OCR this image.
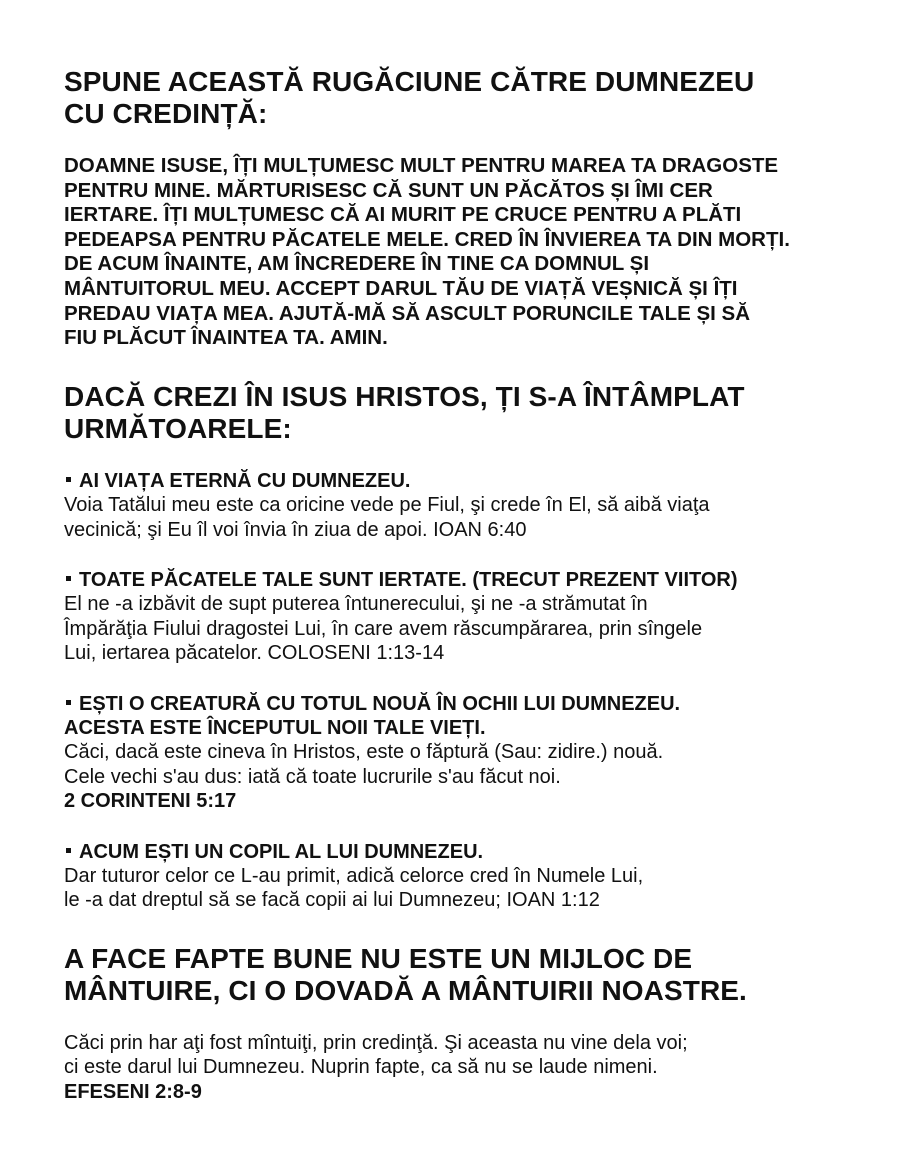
SPUNE ACEASTĂ RUGĂCIUNE CĂTRE DUMNEZEU
CU CREDINȚĂ:

DOAMNE ISUSE, ÎȚI MULȚUMESC MULT PENTRU MAREA TA DRAGOSTE
PENTRU MINE. MĂRTURISESC CĂ SUNT UN PĂCĂTOS ȘI ÎMI CER
IERTARE. ÎȚI MULȚUMESC CĂ AI MURIT PE CRUCE PENTRU A PLĂTI
PEDEAPSA PENTRU PĂCATELE MELE. CRED ÎN ÎNVIEREA TA DIN MORȚI.
DE ACUM ÎNAINTE, AM ÎNCREDERE ÎN TINE CA DOMNUL ȘI
MÂNTUITORUL MEU. ACCEPT DARUL TĂU DE VIAȚĂ VEȘNICĂ ȘI ÎȚI
PREDAU VIAȚA MEA. AJUTĂ-MĂ SĂ ASCULT PORUNCILE TALE ȘI SĂ
FIU PLĂCUT ÎNAINTEA TA. AMIN.

DACĂ CREZI ÎN ISUS HRISTOS, ȚI S-A ÎNTÂMPLAT
URMĂTOARELE:
AI VIAȚA ETERNĂ CU DUMNEZEU.
Voia Tatălui meu este ca oricine vede pe Fiul, şi crede în El, să aibă viaţa
vecinică; şi Eu îl voi învia în ziua de apoi. IOAN 6:40
TOATE PĂCATELE TALE SUNT IERTATE. (TRECUT PREZENT VIITOR)
El ne -a izbăvit de supt puterea întunerecului, şi ne -a strămutat în
Împărăţia Fiului dragostei Lui, în care avem răscumpărarea, prin sîngele
Lui, iertarea păcatelor. COLOSENI 1:13-14
EȘTI O CREATURĂ CU TOTUL NOUĂ ÎN OCHII LUI DUMNEZEU.
ACESTA ESTE ÎNCEPUTUL NOII TALE VIEȚI.
Căci, dacă este cineva în Hristos, este o făptură (Sau: zidire.) nouă.
Cele vechi s'au dus: iată că toate lucrurile s'au făcut noi.
2 CORINTENI 5:17
ACUM EȘTI UN COPIL AL LUI DUMNEZEU.
Dar tuturor celor ce L-au primit, adică celorce cred în Numele Lui,
le -a dat dreptul să se facă copii ai lui Dumnezeu; IOAN 1:12
A FACE FAPTE BUNE NU ESTE UN MIJLOC DE
MÂNTUIRE, CI O DOVADĂ A MÂNTUIRII NOASTRE.
Căci prin har aţi fost mîntuiţi, prin credinţă. Şi aceasta nu vine dela voi;
ci este darul lui Dumnezeu. Nuprin fapte, ca să nu se laude nimeni.
EFESENI 2:8-9
